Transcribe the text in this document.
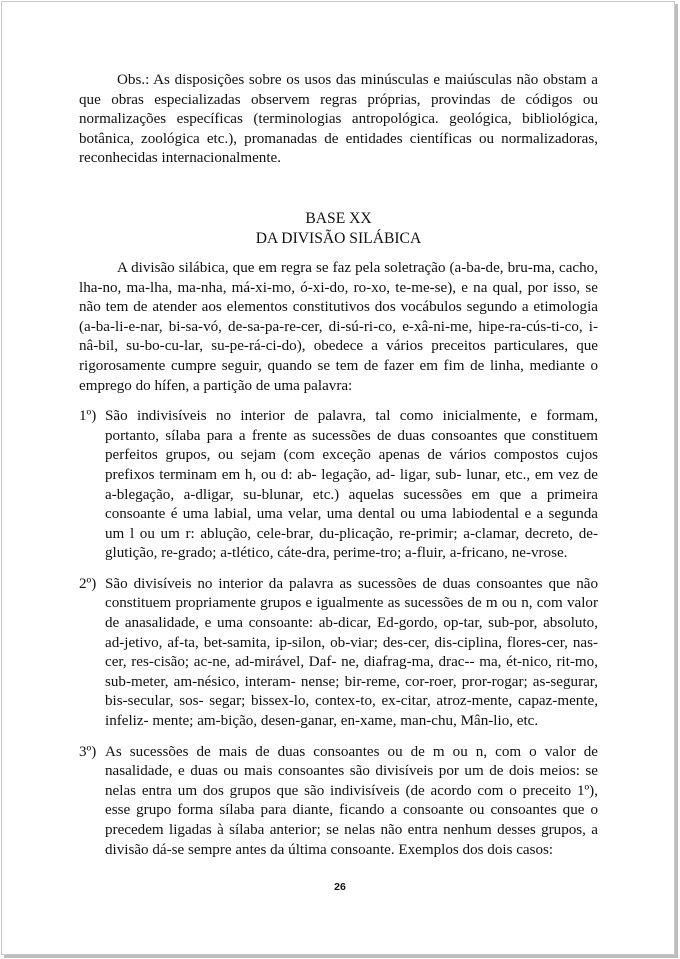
Obs.: As disposições sobre os usos das minúsculas e maiúsculas não obstam a que obras especializadas observem regras próprias, provindas de códigos ou normalizações específicas (terminologias antropológica. geológica, bibliológica, botânica, zoológica etc.), promanadas de entidades científicas ou normalizadoras, reconhecidas internacionalmente.

BASE XX
DA DIVISÃO SILÁBICA

A divisão silábica, que em regra se faz pela soletração (a-ba-de, bru-ma, cacho, lha-no, ma-lha, ma-nha, má-xi-mo, ó-xi-do, ro-xo, te-me-se), e na qual, por isso, se não tem de atender aos elementos constitutivos dos vocábulos segundo a etimologia (a-ba-li-e-nar, bi-sa-vó, de-sa-pa-re-cer, di-sú-ri-co, e-xâ-ni-me, hipe-ra-cús-ti-co, i-nâ-bil, su-bo-cu-lar, su-pe-rá-ci-do), obedece a vários preceitos particulares, que rigorosamente cumpre seguir, quando se tem de fazer em fim de linha, mediante o emprego do hífen, a partição de uma palavra:

1º) São indivisíveis no interior de palavra, tal como inicialmente, e formam, portanto, sílaba para a frente as sucessões de duas consoantes que constituem perfeitos grupos, ou sejam (com exceção apenas de vários compostos cujos prefixos terminam em h, ou d: ab- legação, ad- ligar, sub- lunar, etc., em vez de a-blegação, a-dligar, su-blunar, etc.) aquelas sucessões em que a primeira consoante é uma labial, uma velar, uma dental ou uma labiodental e a segunda um l ou um r: ablução, cele-brar, du-plicação, re-primir; a-clamar, decreto, de-glutição, re-grado; a-tlético, cáte-dra, perime-tro; a-fluir, a-fricano, ne-vrose.
2º) São divisíveis no interior da palavra as sucessões de duas consoantes que não constituem propriamente grupos e igualmente as sucessões de m ou n, com valor de anasalidade, e uma consoante: ab-dicar, Ed-gordo, op-tar, sub-por, absoluto, ad-jetivo, af-ta, bet-samita, ip-silon, ob-viar; des-cer, dis-ciplina, flores-cer, nas-cer, res-cisão; ac-ne, ad-mirável, Daf- ne, diafrag-ma, drac-- ma, ét-nico, rit-mo, sub-meter, am-nésico, interam- nense; bir-reme, cor-roer, pror-rogar; as-segurar, bis-secular, sos- segar; bissex-lo, contex-to, ex-citar, atroz-mente, capaz-mente, infeliz- mente; am-bição, desen-ganar, en-xame, man-chu, Mân-lio, etc.
3º) As sucessões de mais de duas consoantes ou de m ou n, com o valor de nasalidade, e duas ou mais consoantes são divisíveis por um de dois meios: se nelas entra um dos grupos que são indivisíveis (de acordo com o preceito 1º), esse grupo forma sílaba para diante, ficando a consoante ou consoantes que o precedem ligadas à sílaba anterior; se nelas não entra nenhum desses grupos, a divisão dá-se sempre antes da última consoante. Exemplos dos dois casos:
26
